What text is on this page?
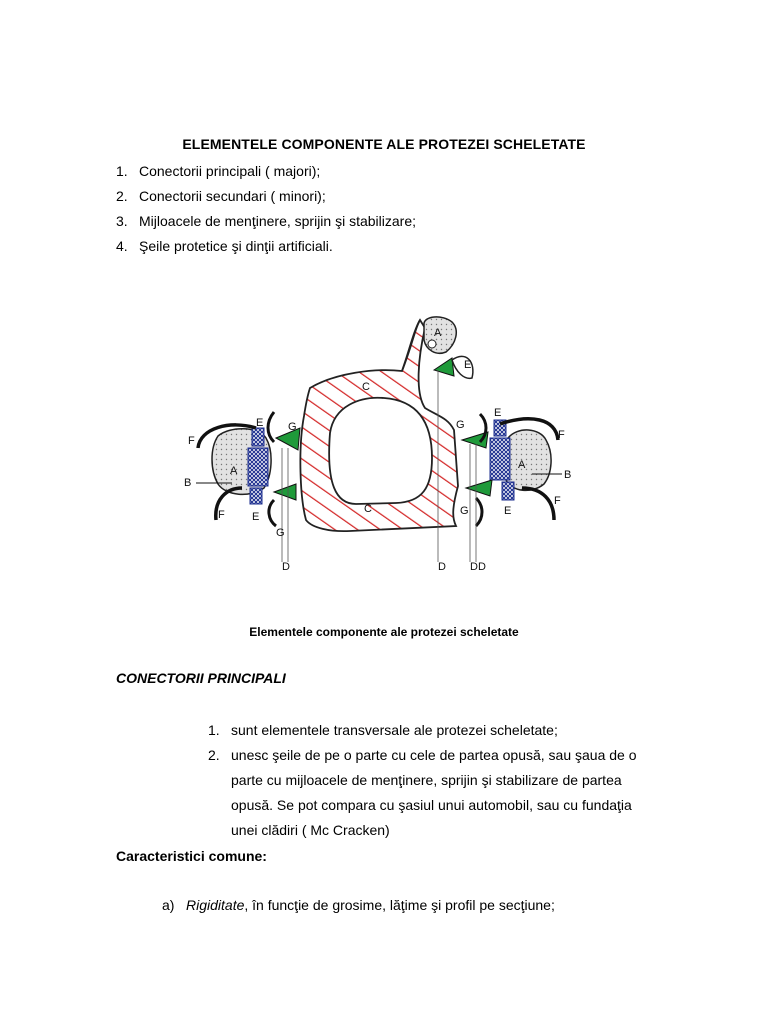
ELEMENTELE COMPONENTE ALE PROTEZEI SCHELETATE
1. Conectorii principali ( majori);
2. Conectorii secundari ( minori);
3. Mijloacele de menţinere, sprijin şi stabilizare;
4. Şeile protetice şi dinţii artificiali.
A	A
A
B
B
C
C
D	D D D
E
E
E
E
E
F
F
F
F
G
G
G
G
Elementele componente ale protezei scheletate
CONECTORII PRINCIPALI
1. sunt elementele transversale ale protezei scheletate;
2. unesc şeile de pe o parte cu cele de partea opusă, sau şaua de o parte cu mijloacele de menţinere, sprijin şi stabilizare de partea opusă. Se pot compara cu şasiul unui automobil, sau cu fundaţia unei clădiri ( Mc Cracken)
Caracteristici comune:
a) Rigiditate, în funcţie de grosime, lăţime şi profil pe secţiune;
